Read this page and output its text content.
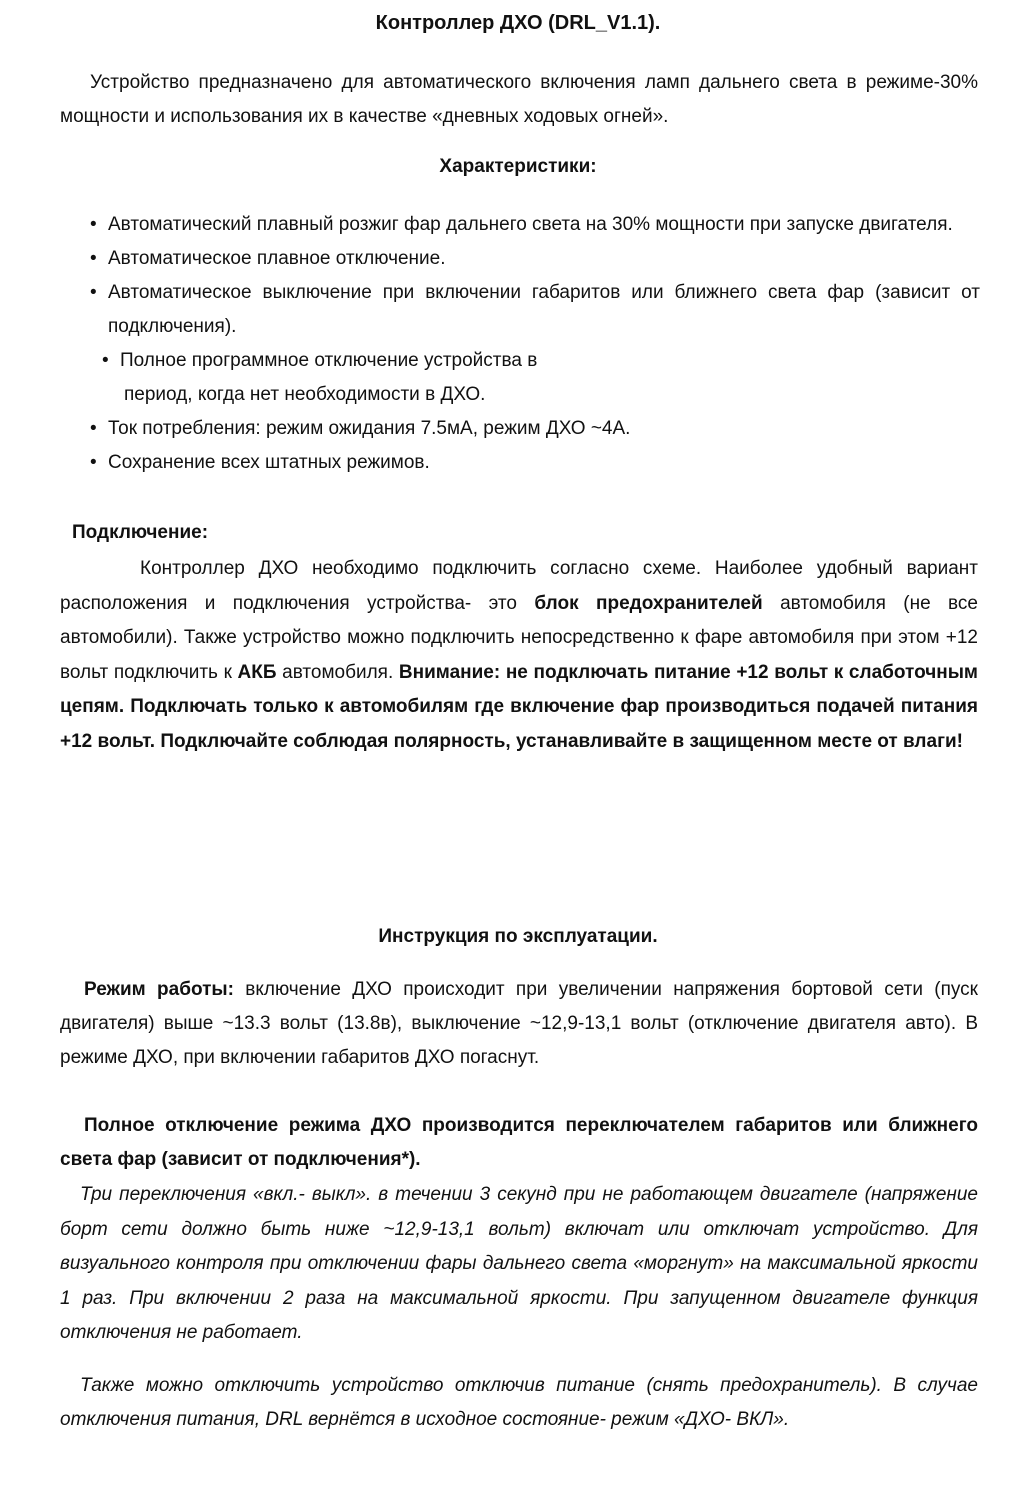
Контроллер ДХО (DRL_V1.1).
Устройство предназначено для автоматического включения ламп дальнего света в режиме-30% мощности и использования их в качестве «дневных ходовых огней».
Характеристики:
• Автоматический плавный розжиг фар дальнего света на 30% мощности при запуске двигателя.
• Автоматическое плавное отключение.
• Автоматическое выключение при включении габаритов или ближнего света фар (зависит от подключения).
• Полное программное отключение устройства в
период, когда нет необходимости в ДХО.
• Ток потребления: режим ожидания 7.5мА, режим ДХО ~4А.
• Сохранение всех штатных режимов.
Подключение:
Контроллер ДХО необходимо подключить согласно схеме. Наиболее удобный вариант расположения и подключения устройства- это блок предохранителей автомобиля (не все автомобили). Также устройство можно подключить непосредственно к фаре автомобиля при этом +12 вольт подключить к АКБ автомобиля. Внимание: не подключать питание +12 вольт к слаботочным цепям. Подключать только к автомобилям где включение фар производиться подачей питания +12 вольт. Подключайте соблюдая полярность, устанавливайте в защищенном месте от влаги!
Инструкция по эксплуатации.
Режим работы: включение ДХО происходит при увеличении напряжения бортовой сети (пуск двигателя) выше ~13.3 вольт (13.8в), выключение ~12,9-13,1 вольт (отключение двигателя авто). В режиме ДХО, при включении габаритов ДХО погаснут.
Полное отключение режима ДХО производится переключателем габаритов или ближнего света фар (зависит от подключения*).
Три переключения «вкл.- выкл». в течении 3 секунд при не работающем двигателе (напряжение борт сети должно быть ниже ~12,9-13,1 вольт) включат или отключат устройство. Для визуального контроля при отключении фары дальнего света «моргнут» на максимальной яркости 1 раз. При включении 2 раза на максимальной яркости. При запущенном двигателе функция отключения не работает.
Также можно отключить устройство отключив питание (снять предохранитель). В случае отключения питания, DRL вернётся в исходное состояние- режим «ДХО- ВКЛ».
